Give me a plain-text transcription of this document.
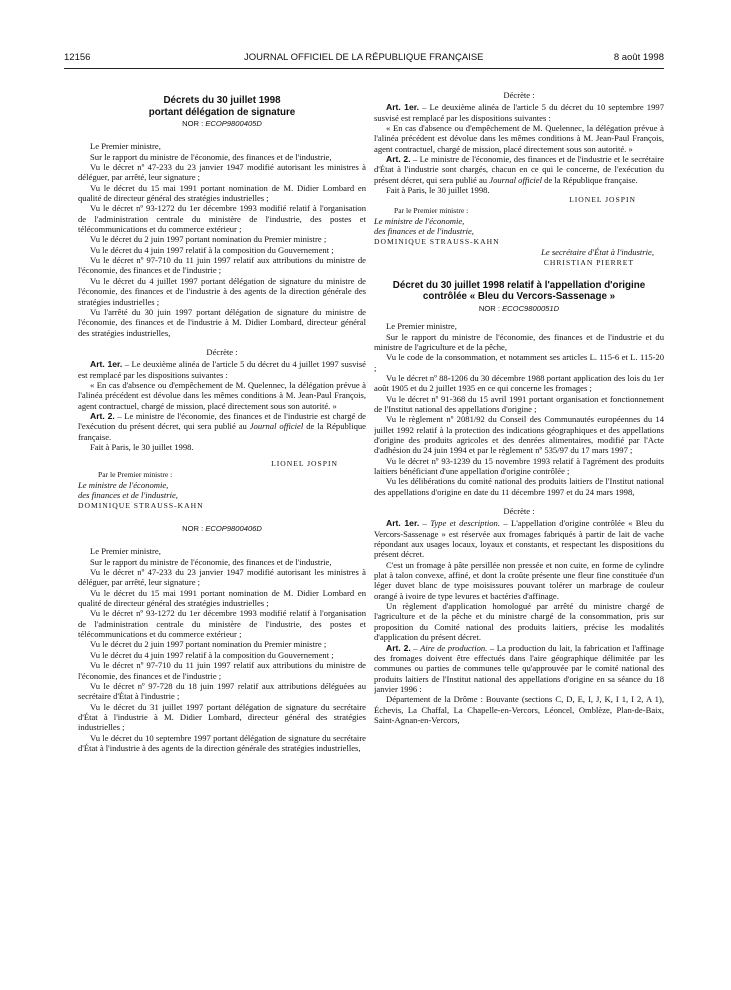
12156	JOURNAL OFFICIEL DE LA RÉPUBLIQUE FRANÇAISE	8 août 1998
Décrets du 30 juillet 1998
portant délégation de signature
NOR : ECOP9800405D

Le Premier ministre,

Sur le rapport du ministre de l'économie, des finances et de l'industrie,

Vu le décret nº 47-233 du 23 janvier 1947 modifié autorisant les ministres à déléguer, par arrêté, leur signature ;

Vu le décret du 15 mai 1991 portant nomination de M. Didier Lombard en qualité de directeur général des stratégies industrielles ;

Vu le décret nº 93-1272 du 1er décembre 1993 modifié relatif à l'organisation de l'administration centrale du ministère de l'industrie, des postes et télécommunications et du commerce extérieur ;

Vu le décret du 2 juin 1997 portant nomination du Premier ministre ;

Vu le décret du 4 juin 1997 relatif à la composition du Gouvernement ;

Vu le décret nº 97-710 du 11 juin 1997 relatif aux attributions du ministre de l'économie, des finances et de l'industrie ;

Vu le décret du 4 juillet 1997 portant délégation de signature du ministre de l'économie, des finances et de l'industrie à des agents de la direction générale des stratégies industrielles ;

Vu l'arrêté du 30 juin 1997 portant délégation de signature du ministre de l'économie, des finances et de l'industrie à M. Didier Lombard, directeur général des stratégies industrielles,

Décrète :

Art. 1er. – Le deuxième alinéa de l'article 5 du décret du 4 juillet 1997 susvisé est remplacé par les dispositions suivantes :

« En cas d'absence ou d'empêchement de M. Quelennec, la délégation prévue à l'alinéa précédent est dévolue dans les mêmes conditions à M. Jean-Paul François, agent contractuel, chargé de mission, placé directement sous son autorité. »

Art. 2. – Le ministre de l'économie, des finances et de l'industrie est chargé de l'exécution du présent décret, qui sera publié au Journal officiel de la République française.

Fait à Paris, le 30 juillet 1998.

LIONEL JOSPIN
Par le Premier ministre :
Le ministre de l'économie,
des finances et de l'industrie,
DOMINIQUE STRAUSS-KAHN
NOR : ECOP9800406D

Le Premier ministre,

Sur le rapport du ministre de l'économie, des finances et de l'industrie,

Vu le décret nº 47-233 du 23 janvier 1947 modifié autorisant les ministres à déléguer, par arrêté, leur signature ;

Vu le décret du 15 mai 1991 portant nomination de M. Didier Lombard en qualité de directeur général des stratégies industrielles ;

Vu le décret nº 93-1272 du 1er décembre 1993 modifié relatif à l'organisation de l'administration centrale du ministère de l'industrie, des postes et télécommunications et du commerce extérieur ;

Vu le décret du 2 juin 1997 portant nomination du Premier ministre ;

Vu le décret du 4 juin 1997 relatif à la composition du Gouvernement ;

Vu le décret nº 97-710 du 11 juin 1997 relatif aux attributions du ministre de l'économie, des finances et de l'industrie ;

Vu le décret nº 97-728 du 18 juin 1997 relatif aux attributions déléguées au secrétaire d'État à l'industrie ;

Vu le décret du 31 juillet 1997 portant délégation de signature du secrétaire d'État à l'industrie à M. Didier Lombard, directeur général des stratégies industrielles ;

Vu le décret du 10 septembre 1997 portant délégation de signature du secrétaire d'État à l'industrie à des agents de la direction générale des stratégies industrielles,

Décrète :

Art. 1er. – Le deuxième alinéa de l'article 5 du décret du 10 septembre 1997 susvisé est remplacé par les dispositions suivantes :

« En cas d'absence ou d'empêchement de M. Quelennec, la délégation prévue à l'alinéa précédent est dévolue dans les mêmes conditions à M. Jean-Paul François, agent contractuel, chargé de mission, placé directement sous son autorité. »

Art. 2. – Le ministre de l'économie, des finances et de l'industrie et le secrétaire d'État à l'industrie sont chargés, chacun en ce qui le concerne, de l'exécution du présent décret, qui sera publié au Journal officiel de la République française.

Fait à Paris, le 30 juillet 1998.

LIONEL JOSPIN
Par le Premier ministre :
Le ministre de l'économie,
des finances et de l'industrie,
DOMINIQUE STRAUSS-KAHN
Le secrétaire d'État à l'industrie,
CHRISTIAN PIERRET
Décret du 30 juillet 1998 relatif à l'appellation d'origine
contrôlée « Bleu du Vercors-Sassenage »
NOR : ECOC9800051D

Le Premier ministre,

Sur le rapport du ministre de l'économie, des finances et de l'industrie et du ministre de l'agriculture et de la pêche,

Vu le code de la consommation, et notamment ses articles L. 115-6 et L. 115-20 ;

Vu le décret nº 88-1206 du 30 décembre 1988 portant application des lois du 1er août 1905 et du 2 juillet 1935 en ce qui concerne les fromages ;

Vu le décret nº 91-368 du 15 avril 1991 portant organisation et fonctionnement de l'Institut national des appellations d'origine ;

Vu le règlement nº 2081/92 du Conseil des Communautés européennes du 14 juillet 1992 relatif à la protection des indications géographiques et des appellations d'origine des produits agricoles et des denrées alimentaires, modifié par l'Acte d'adhésion du 24 juin 1994 et par le règlement nº 535/97 du 17 mars 1997 ;

Vu le décret nº 93-1239 du 15 novembre 1993 relatif à l'agrément des produits laitiers bénéficiant d'une appellation d'origine contrôlée ;

Vu les délibérations du comité national des produits laitiers de l'Institut national des appellations d'origine en date du 11 décembre 1997 et du 24 mars 1998,

Décrète :

Art. 1er. – Type et description. – L'appellation d'origine contrôlée « Bleu du Vercors-Sassenage » est réservée aux fromages fabriqués à partir de lait de vache répondant aux usages locaux, loyaux et constants, et respectant les dispositions du présent décret.

C'est un fromage à pâte persillée non pressée et non cuite, en forme de cylindre plat à talon convexe, affiné, et dont la croûte présente une fleur fine constituée d'un léger duvet blanc de type moisissures pouvant tolérer un marbrage de couleur orangé à ivoire de type levures et bactéries d'affinage.

Un règlement d'application homologué par arrêté du ministre chargé de l'agriculture et de la pêche et du ministre chargé de la consommation, pris sur proposition du Comité national des produits laitiers, précise les modalités d'application du présent décret.

Art. 2. – Aire de production. – La production du lait, la fabrication et l'affinage des fromages doivent être effectués dans l'aire géographique délimitée par les communes ou parties de communes telle qu'approuvée par le comité national des produits laitiers de l'Institut national des appellations d'origine en sa séance du 18 janvier 1996 :

Département de la Drôme : Bouvante (sections C, D, E, I, J, K, I 1, I 2, A 1), Échevis, La Chaffal, La Chapelle-en-Vercors, Léoncel, Omblèze, Plan-de-Baix, Saint-Agnan-en-Vercors,
